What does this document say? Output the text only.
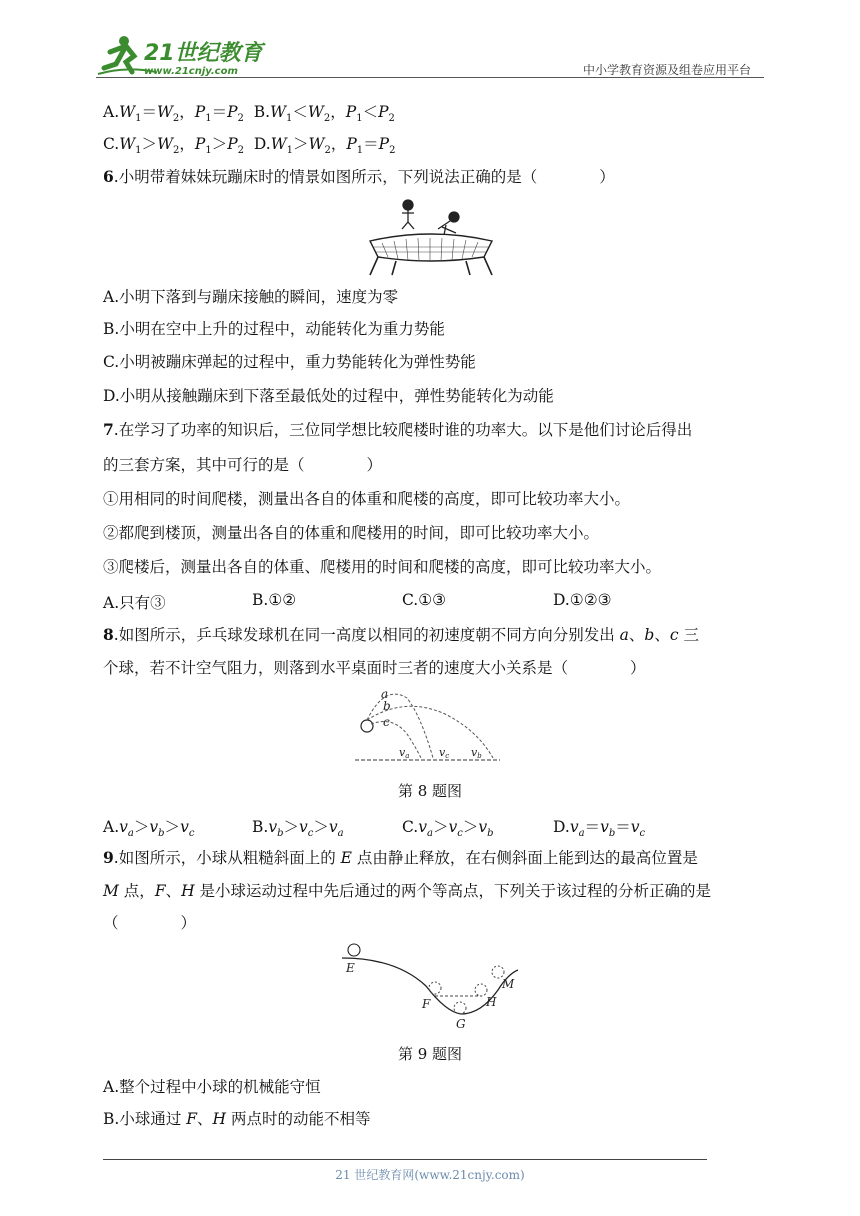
21世纪教育
www.21cnjy.com	中小学教育资源及组卷应用平台
$A.W_1=W_2$，$P_1=P_2$  $B.W_1<W_2$，$P_1<P_2$
$C.W_1>W_2$，$P_1>P_2$  $D.W_1>W_2$，$P_1=P_2$
6.小明带着妹妹玩蹦床时的情景如图所示，下列说法正确的是（　　　　）
A.小明下落到与蹦床接触的瞬间，速度为零
B.小明在空中上升的过程中，动能转化为重力势能
C.小明被蹦床弹起的过程中，重力势能转化为弹性势能
D.小明从接触蹦床到下落至最低处的过程中，弹性势能转化为动能
7.在学习了功率的知识后，三位同学想比较爬楼时谁的功率大。以下是他们讨论后得出
的三套方案，其中可行的是（　　　　）
①用相同的时间爬楼，测量出各自的体重和爬楼的高度，即可比较功率大小。
②都爬到楼顶，测量出各自的体重和爬楼用的时间，即可比较功率大小。
③爬楼后，测量出各自的体重、爬楼用的时间和爬楼的高度，即可比较功率大小。
A.只有③	B.①②	C.①③	D.①②③
8.如图所示，乒乓球发球机在同一高度以相同的初速度朝不同方向分别发出 a、b、c 三
个球，若不计空气阻力，则落到水平桌面时三者的速度大小关系是（　　　　）
a
b
c
va	vc vb
第 8 题图
$A.v_a>v_b>v_c$	$B.v_b>v_c>v_a$	$C.v_a>v_c>v_b$	$D.v_a=v_b=v_c$
9.如图所示，小球从粗糙斜面上的 E 点由静止释放，在右侧斜面上能到达的最高位置是
M 点，F、H 是小球运动过程中先后通过的两个等高点，下列关于该过程的分析正确的是
（　　　　）
E
F
G
H
M
第 9 题图
A.整个过程中小球的机械能守恒
B.小球通过 F、H 两点时的动能不相等
21 世纪教育网(www.21cnjy.com)
